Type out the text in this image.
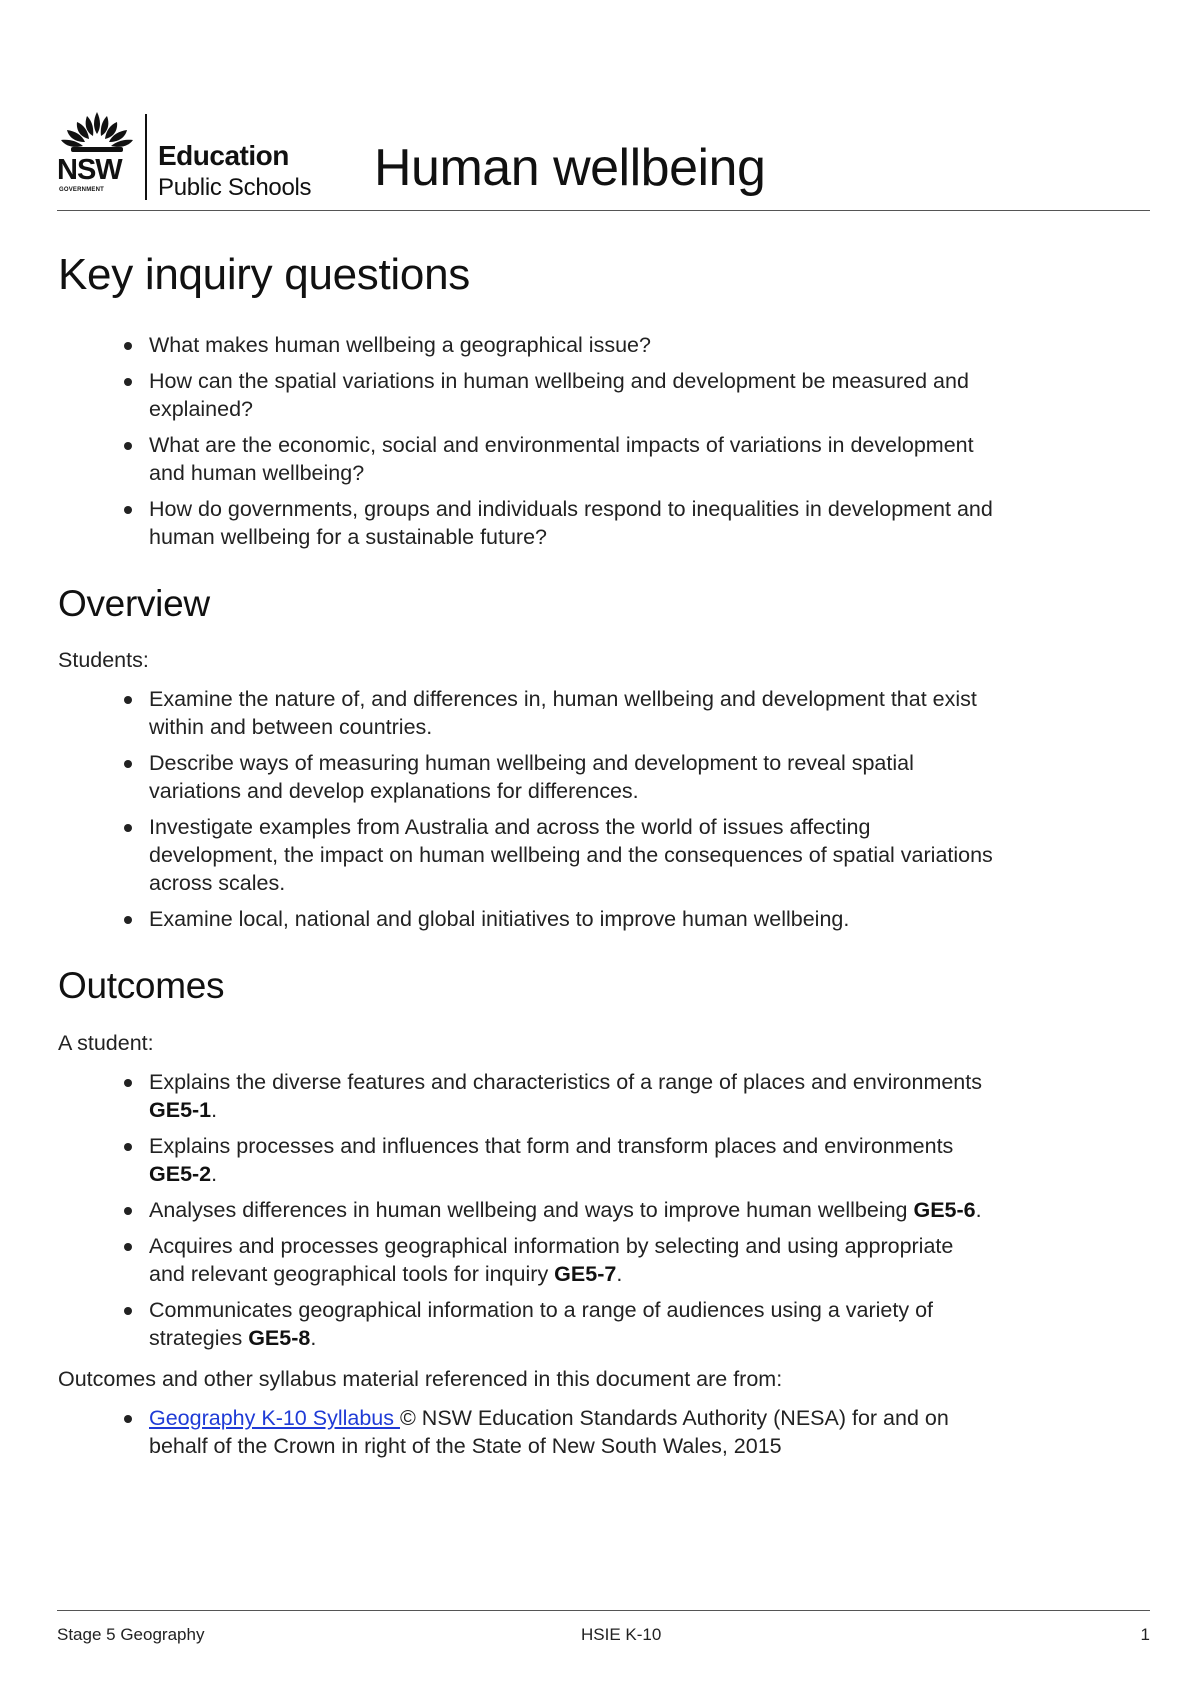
NSW
GOVERNMENT
Education
Public Schools Human wellbeing
Key inquiry questions
What makes human wellbeing a geographical issue?
How can the spatial variations in human wellbeing and development be measured and explained?
What are the economic, social and environmental impacts of variations in development and human wellbeing?
How do governments, groups and individuals respond to inequalities in development and human wellbeing for a sustainable future?
Overview

Students:

Examine the nature of, and differences in, human wellbeing and development that exist within and between countries.
Describe ways of measuring human wellbeing and development to reveal spatial variations and develop explanations for differences.
Investigate examples from Australia and across the world of issues affecting development, the impact on human wellbeing and the consequences of spatial variations across scales.
Examine local, national and global initiatives to improve human wellbeing.
Outcomes

A student:

Explains the diverse features and characteristics of a range of places and environments GE5-1.
Explains processes and influences that form and transform places and environments GE5-2.
Analyses differences in human wellbeing and ways to improve human wellbeing GE5-6.
Acquires and processes geographical information by selecting and using appropriate and relevant geographical tools for inquiry GE5-7.
Communicates geographical information to a range of audiences using a variety of strategies GE5-8.

Outcomes and other syllabus material referenced in this document are from:

Geography K-10 Syllabus © NSW Education Standards Authority (NESA) for and on behalf of the Crown in right of the State of New South Wales, 2015
Stage 5 Geography	HSIE K-10	1
